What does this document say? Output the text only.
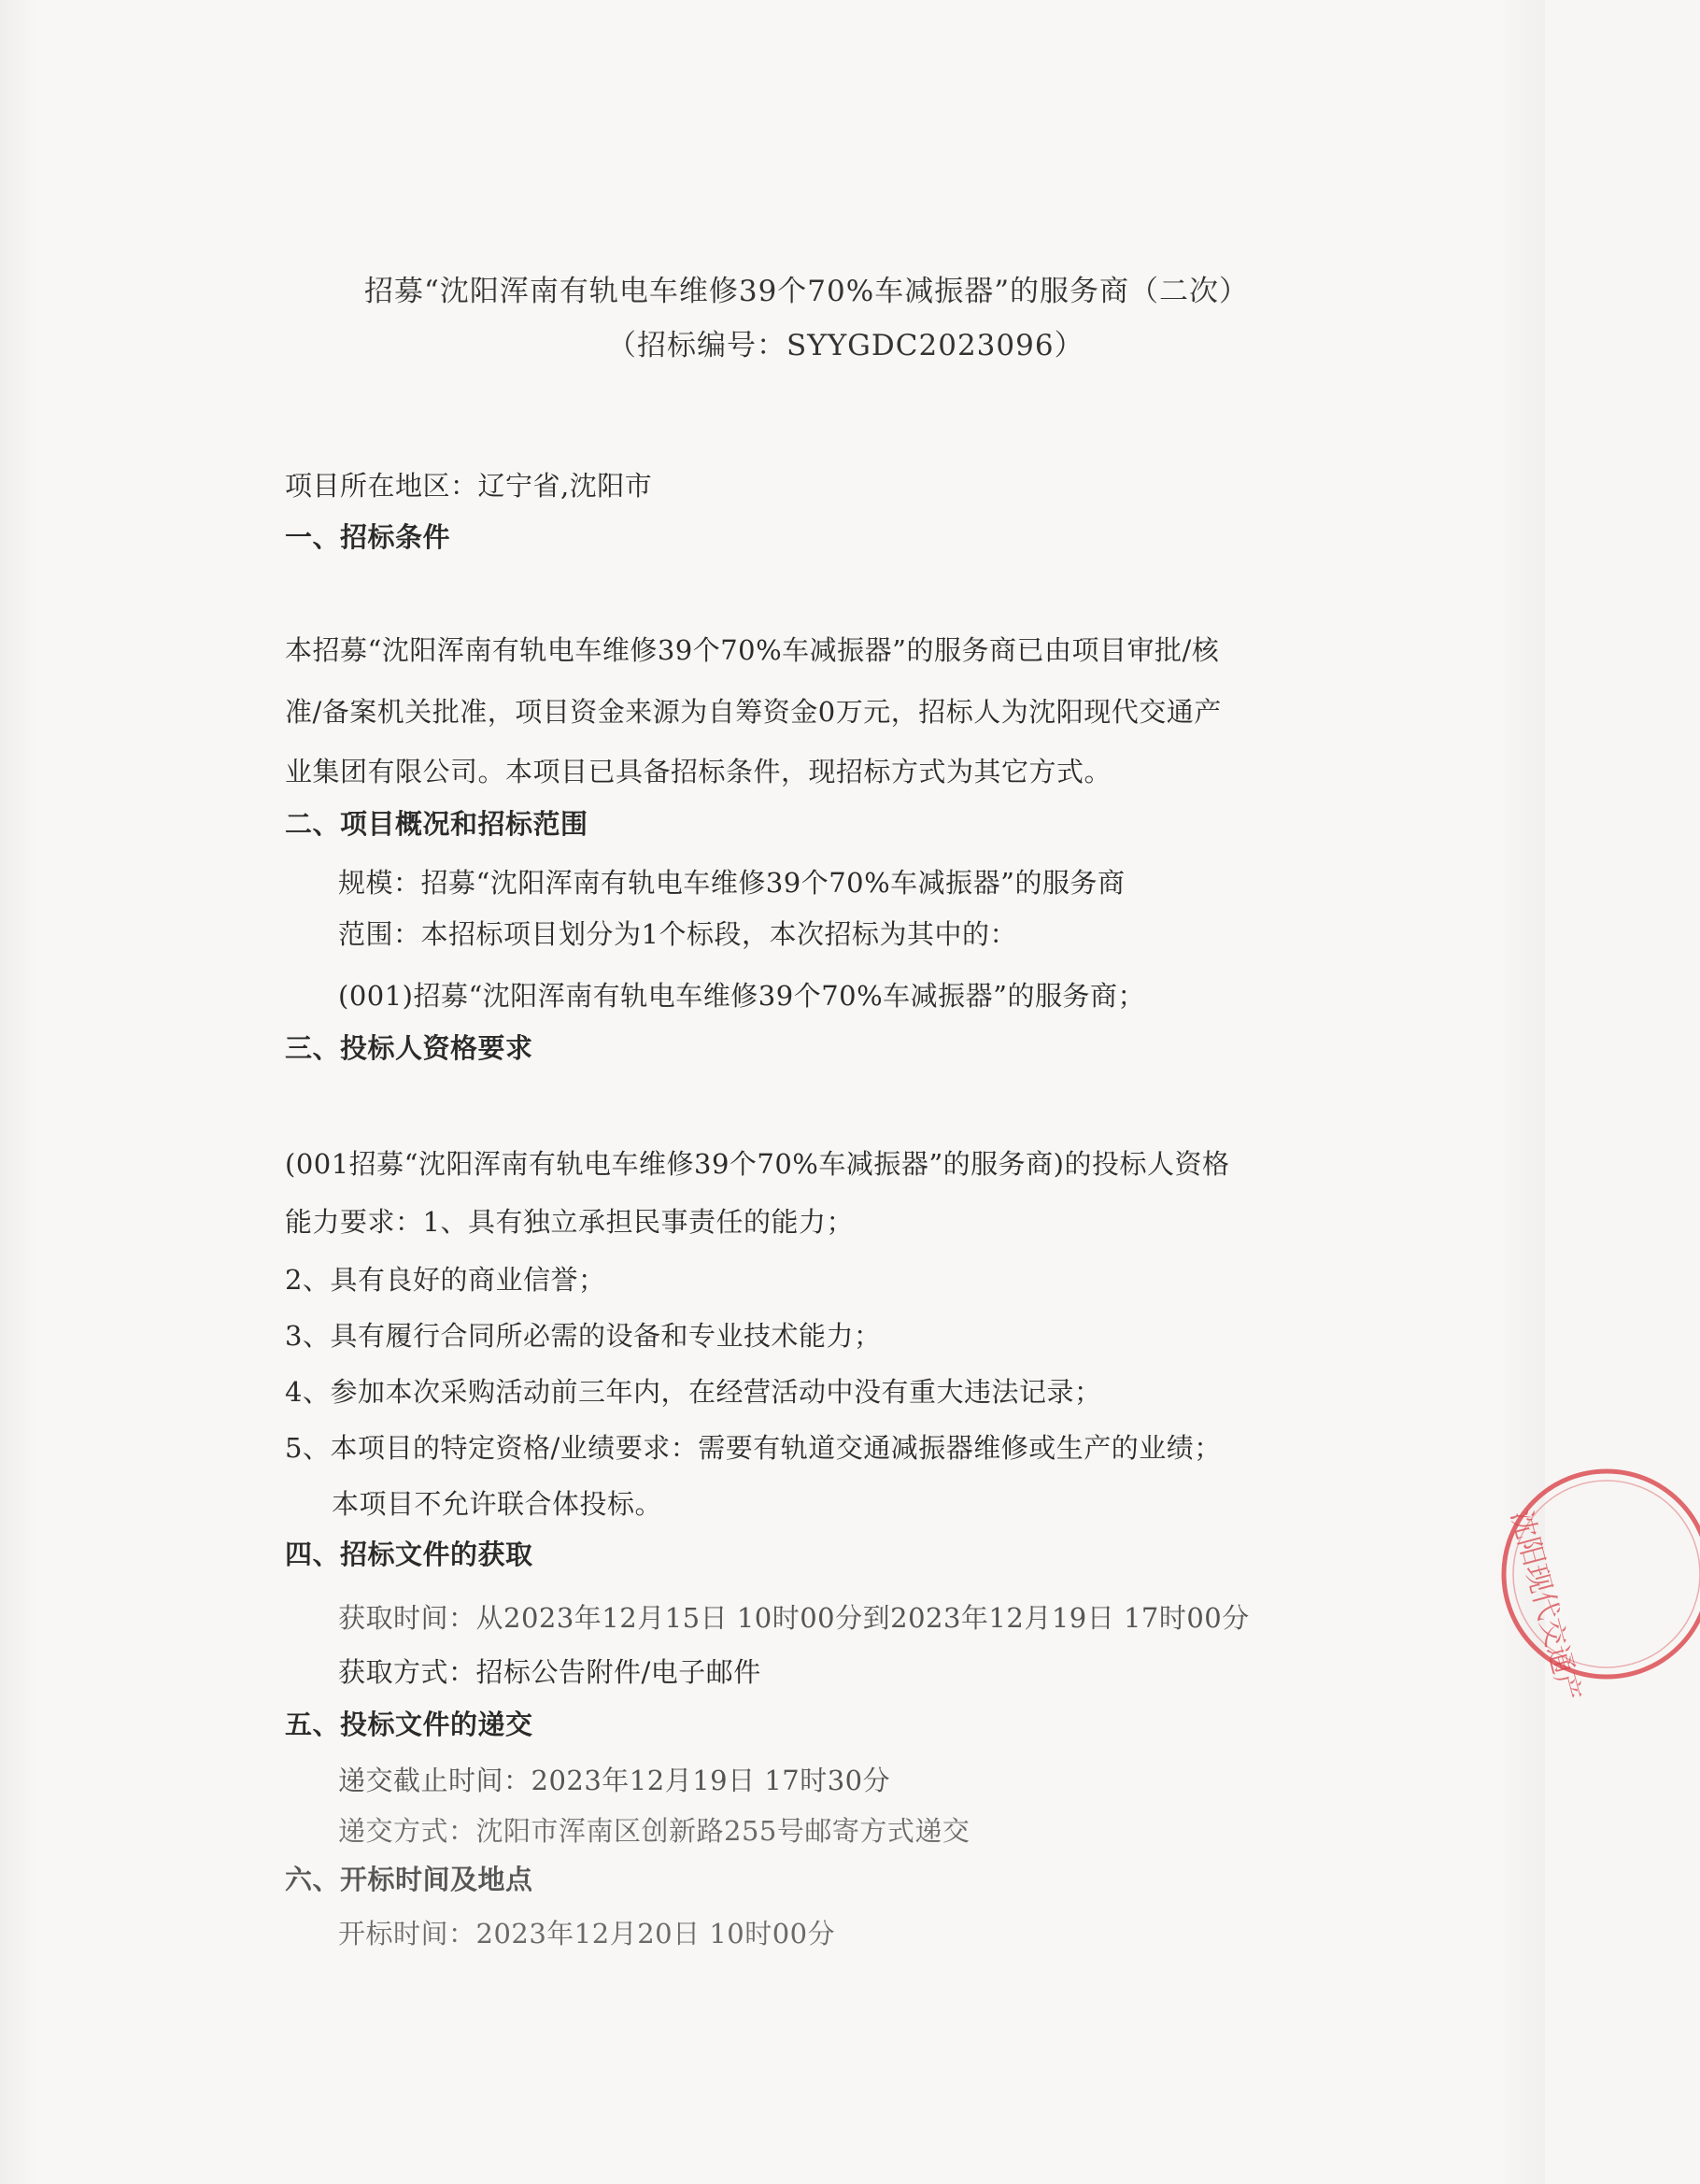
招募“沈阳浑南有轨电车维修39个70%车减振器”的服务商（二次）
（招标编号：SYYGDC2023096）
项目所在地区：辽宁省,沈阳市
一、招标条件
本招募“沈阳浑南有轨电车维修39个70%车减振器”的服务商已由项目审批/核
准/备案机关批准，项目资金来源为自筹资金0万元，招标人为沈阳现代交通产
业集团有限公司。本项目已具备招标条件，现招标方式为其它方式。
二、项目概况和招标范围
规模：招募“沈阳浑南有轨电车维修39个70%车减振器”的服务商
范围：本招标项目划分为1个标段，本次招标为其中的：
(001)招募“沈阳浑南有轨电车维修39个70%车减振器”的服务商；
三、投标人资格要求
(001招募“沈阳浑南有轨电车维修39个70%车减振器”的服务商)的投标人资格
能力要求：1、具有独立承担民事责任的能力；
2、具有良好的商业信誉；
3、具有履行合同所必需的设备和专业技术能力；
4、参加本次采购活动前三年内，在经营活动中没有重大违法记录；
5、本项目的特定资格/业绩要求：需要有轨道交通减振器维修或生产的业绩；
本项目不允许联合体投标。
四、招标文件的获取
获取时间：从2023年12月15日 10时00分到2023年12月19日 17时00分
获取方式：招标公告附件/电子邮件
五、投标文件的递交
递交截止时间：2023年12月19日 17时30分
递交方式：沈阳市浑南区创新路255号邮寄方式递交
六、开标时间及地点
开标时间：2023年12月20日 10时00分
沈阳现代交通产
